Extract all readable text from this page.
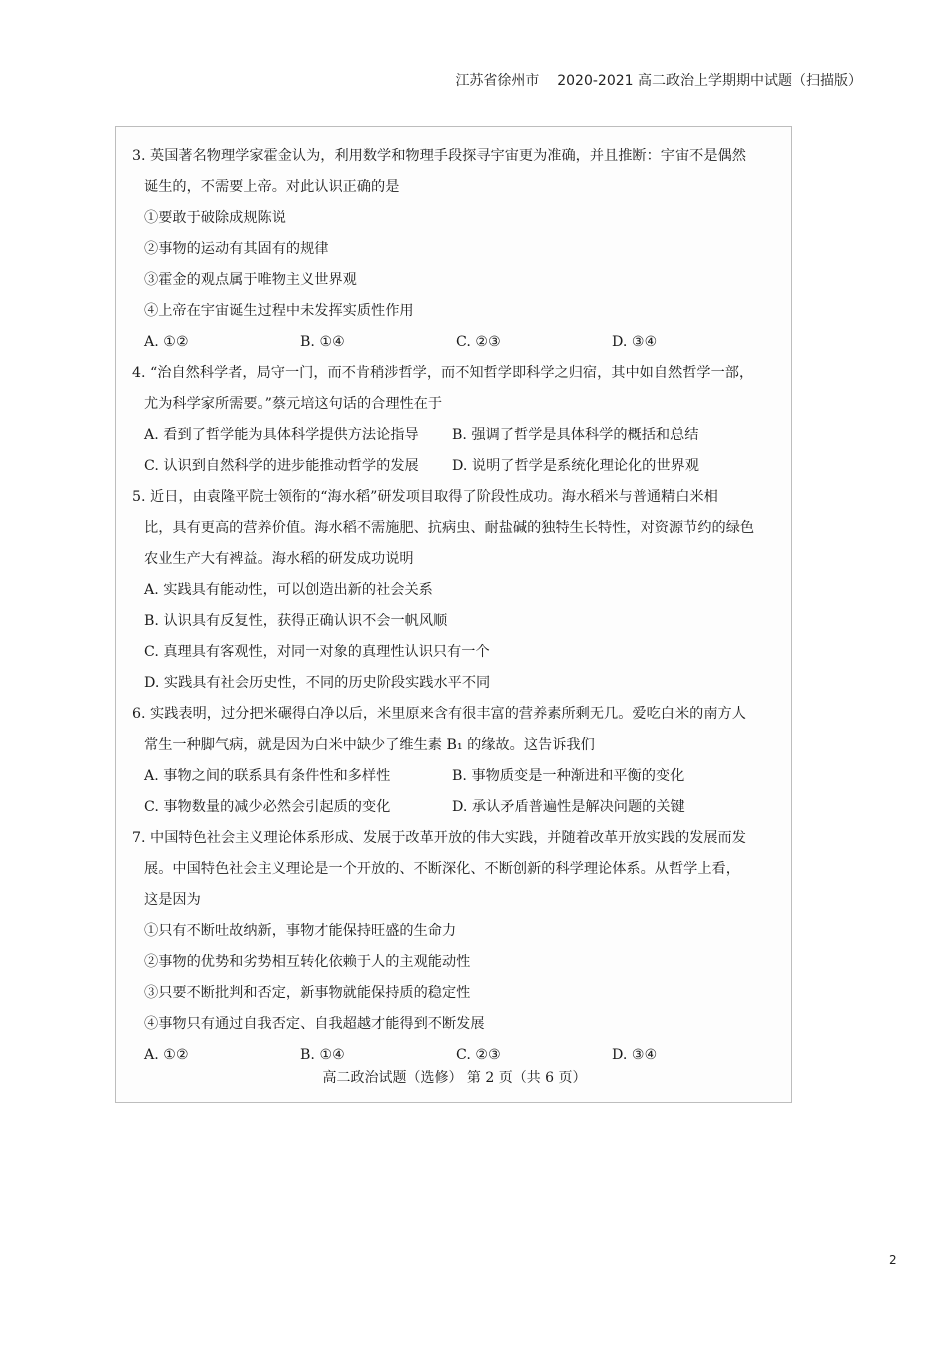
江苏省徐州市    2020-2021 高二政治上学期期中试题（扫描版）
3. 英国著名物理学家霍金认为，利用数学和物理手段探寻宇宙更为准确，并且推断：宇宙不是偶然
诞生的，不需要上帝。对此认识正确的是
①要敢于破除成规陈说
②事物的运动有其固有的规律
③霍金的观点属于唯物主义世界观
④上帝在宇宙诞生过程中未发挥实质性作用
A. ①②	B. ①④	C. ②③	D. ③④
4. “治自然科学者，局守一门，而不肯稍涉哲学，而不知哲学即科学之归宿，其中如自然哲学一部，
尤为科学家所需要。”蔡元培这句话的合理性在于
A. 看到了哲学能为具体科学提供方法论指导 B. 强调了哲学是具体科学的概括和总结
C. 认识到自然科学的进步能推动哲学的发展 D. 说明了哲学是系统化理论化的世界观
5. 近日，由袁隆平院士领衔的“海水稻”研发项目取得了阶段性成功。海水稻米与普通精白米相
比，具有更高的营养价值。海水稻不需施肥、抗病虫、耐盐碱的独特生长特性，对资源节约的绿色
农业生产大有裨益。海水稻的研发成功说明
A. 实践具有能动性，可以创造出新的社会关系
B. 认识具有反复性，获得正确认识不会一帆风顺
C. 真理具有客观性，对同一对象的真理性认识只有一个
D. 实践具有社会历史性，不同的历史阶段实践水平不同
6. 实践表明，过分把米碾得白净以后，米里原来含有很丰富的营养素所剩无几。爱吃白米的南方人
常生一种脚气病，就是因为白米中缺少了维生素 B₁ 的缘故。这告诉我们
A. 事物之间的联系具有条件性和多样性	B. 事物质变是一种渐进和平衡的变化
C. 事物数量的减少必然会引起质的变化	D. 承认矛盾普遍性是解决问题的关键
7. 中国特色社会主义理论体系形成、发展于改革开放的伟大实践，并随着改革开放实践的发展而发
展。中国特色社会主义理论是一个开放的、不断深化、不断创新的科学理论体系。从哲学上看，
这是因为
①只有不断吐故纳新，事物才能保持旺盛的生命力
②事物的优势和劣势相互转化依赖于人的主观能动性
③只要不断批判和否定，新事物就能保持质的稳定性
④事物只有通过自我否定、自我超越才能得到不断发展
A. ①②	B. ①④	C. ②③	D. ③④
高二政治试题（选修） 第 2 页（共 6 页）
2
